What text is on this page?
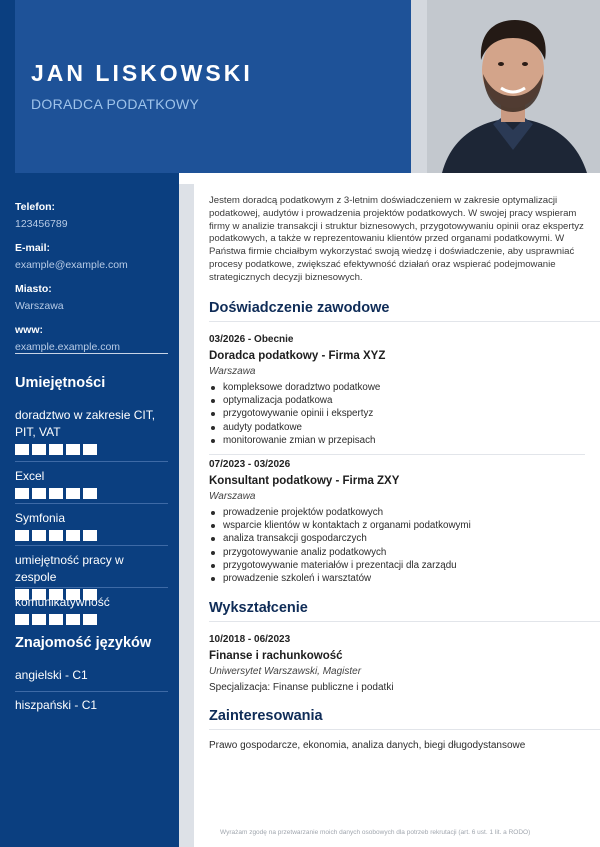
JAN LISKOWSKI
DORADCA PODATKOWY
Telefon:
123456789
E-mail:
example@example.com
Miasto:
Warszawa
www:
example.example.com
Umiejętności
doradztwo w zakresie CIT, PIT, VAT
Excel
Symfonia
umiejętność pracy w zespole
komunikatywność
Znajomość języków
angielski - C1
hiszpański - C1

Jestem doradcą podatkowym z 3-letnim doświadczeniem w zakresie optymalizacji podatkowej, audytów i prowadzenia projektów podatkowych. W swojej pracy wspieram firmy w analizie transakcji i struktur biznesowych, przygotowywaniu opinii oraz ekspertyz podatkowych, a także w reprezentowaniu klientów przed organami podatkowymi. W Państwa firmie chciałbym wykorzystać swoją wiedzę i doświadczenie, aby usprawniać procesy podatkowe, zwiększać efektywność działań oraz wspierać podejmowanie strategicznych decyzji biznesowych.

Doświadczenie zawodowe
03/2026 - Obecnie
Doradca podatkowy - Firma XYZ
Warszawa
kompleksowe doradztwo podatkowe
optymalizacja podatkowa
przygotowywanie opinii i ekspertyz
audyty podatkowe
monitorowanie zmian w przepisach
07/2023 - 03/2026
Konsultant podatkowy - Firma ZXY
Warszawa
prowadzenie projektów podatkowych
wsparcie klientów w kontaktach z organami podatkowymi
analiza transakcji gospodarczych
przygotowywanie analiz podatkowych
przygotowywanie materiałów i prezentacji dla zarządu
prowadzenie szkoleń i warsztatów
Wykształcenie
10/2018 - 06/2023
Finanse i rachunkowość
Uniwersytet Warszawski, Magister
Specjalizacja: Finanse publiczne i podatki
Zainteresowania
Prawo gospodarcze, ekonomia, analiza danych, biegi długodystansowe
Wyrażam zgodę na przetwarzanie moich danych osobowych dla potrzeb rekrutacji (art. 6 ust. 1 lit. a RODO)
